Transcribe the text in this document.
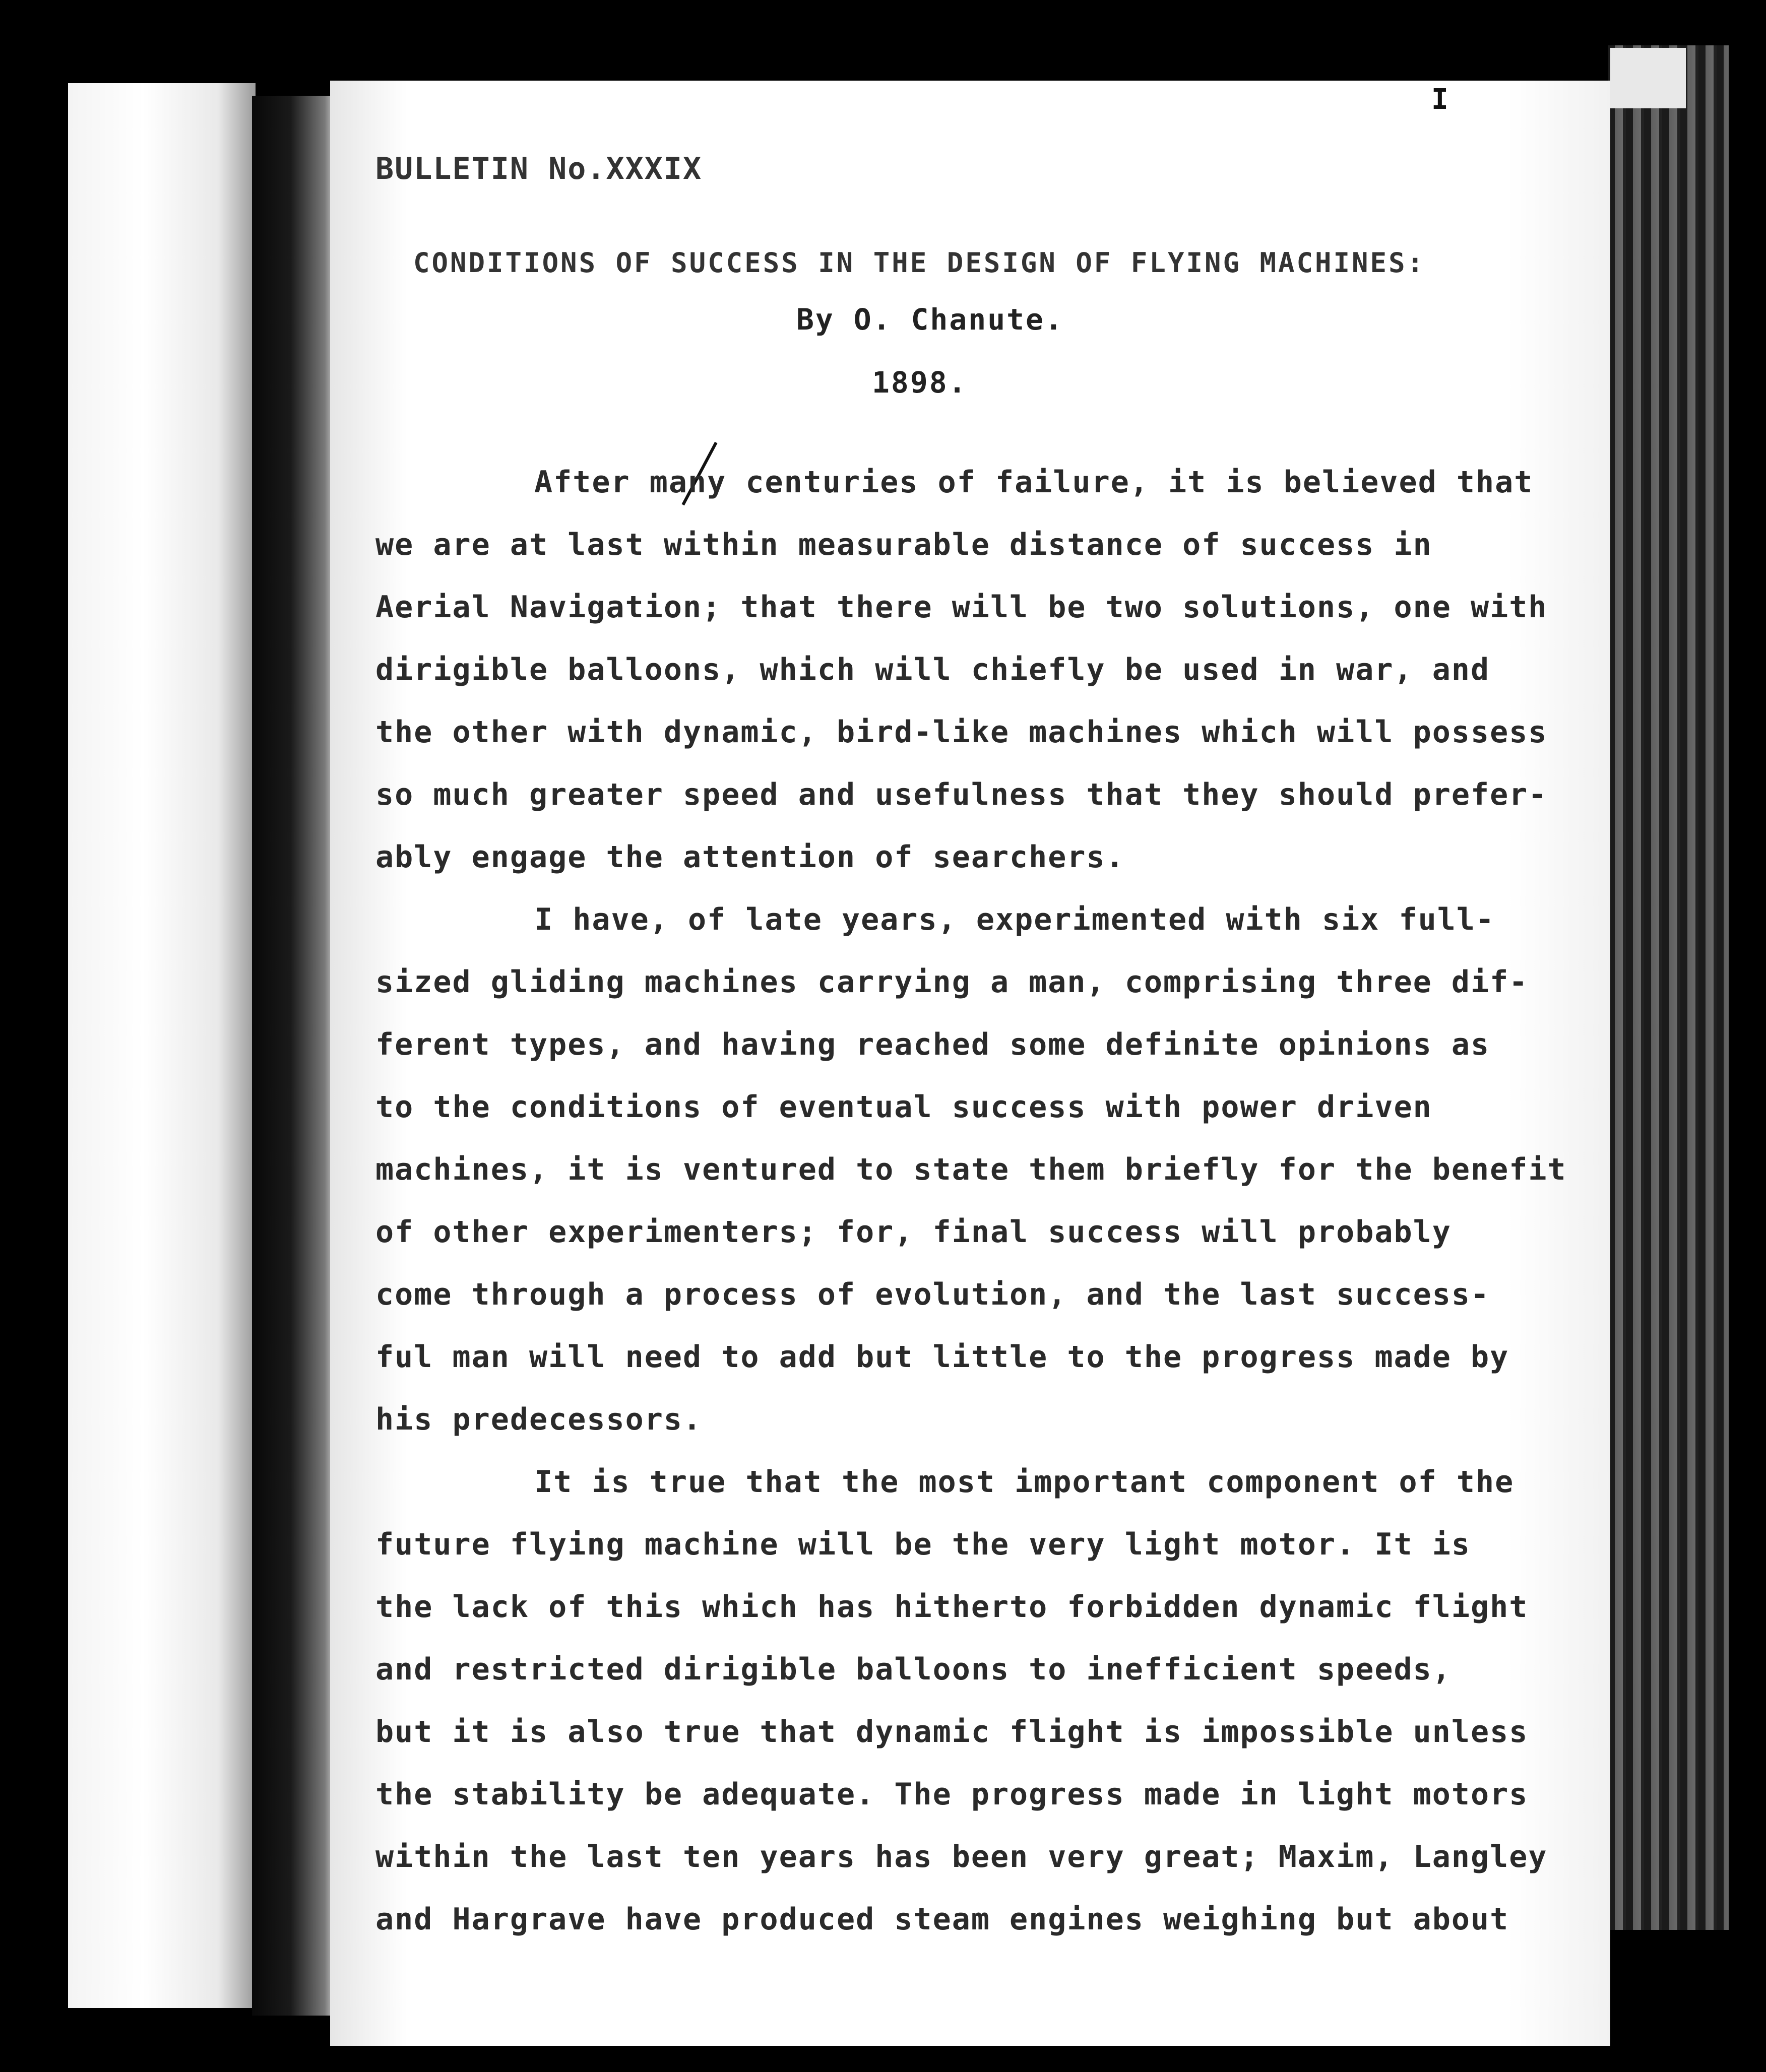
I
BULLETIN No.XXXIX
CONDITIONS OF SUCCESS IN THE DESIGN OF FLYING MACHINES:
By O. Chanute.
1898.
After many centuries of failure, it is believed that
we are at last within measurable distance of success in
Aerial Navigation; that there will be two solutions, one with
dirigible balloons, which will chiefly be used in war, and
the other with dynamic, bird-like machines which will possess
so much greater speed and usefulness that they should prefer-
ably engage the attention of searchers.
I have, of late years, experimented with six full-
sized gliding machines carrying a man, comprising three dif-
ferent types, and having reached some definite opinions as
to the conditions of eventual success with power driven
machines, it is ventured to state them briefly for the benefit
of other experimenters; for, final success will probably
come through a process of evolution, and the last success-
ful man will need to add but little to the progress made by
his predecessors.
It is true that the most important component of the
future flying machine will be the very light motor. It is
the lack of this which has hitherto forbidden dynamic flight
and restricted dirigible balloons to inefficient speeds,
but it is also true that dynamic flight is impossible unless
the stability be adequate. The progress made in light motors
within the last ten years has been very great; Maxim, Langley
and Hargrave have produced steam engines weighing but about
